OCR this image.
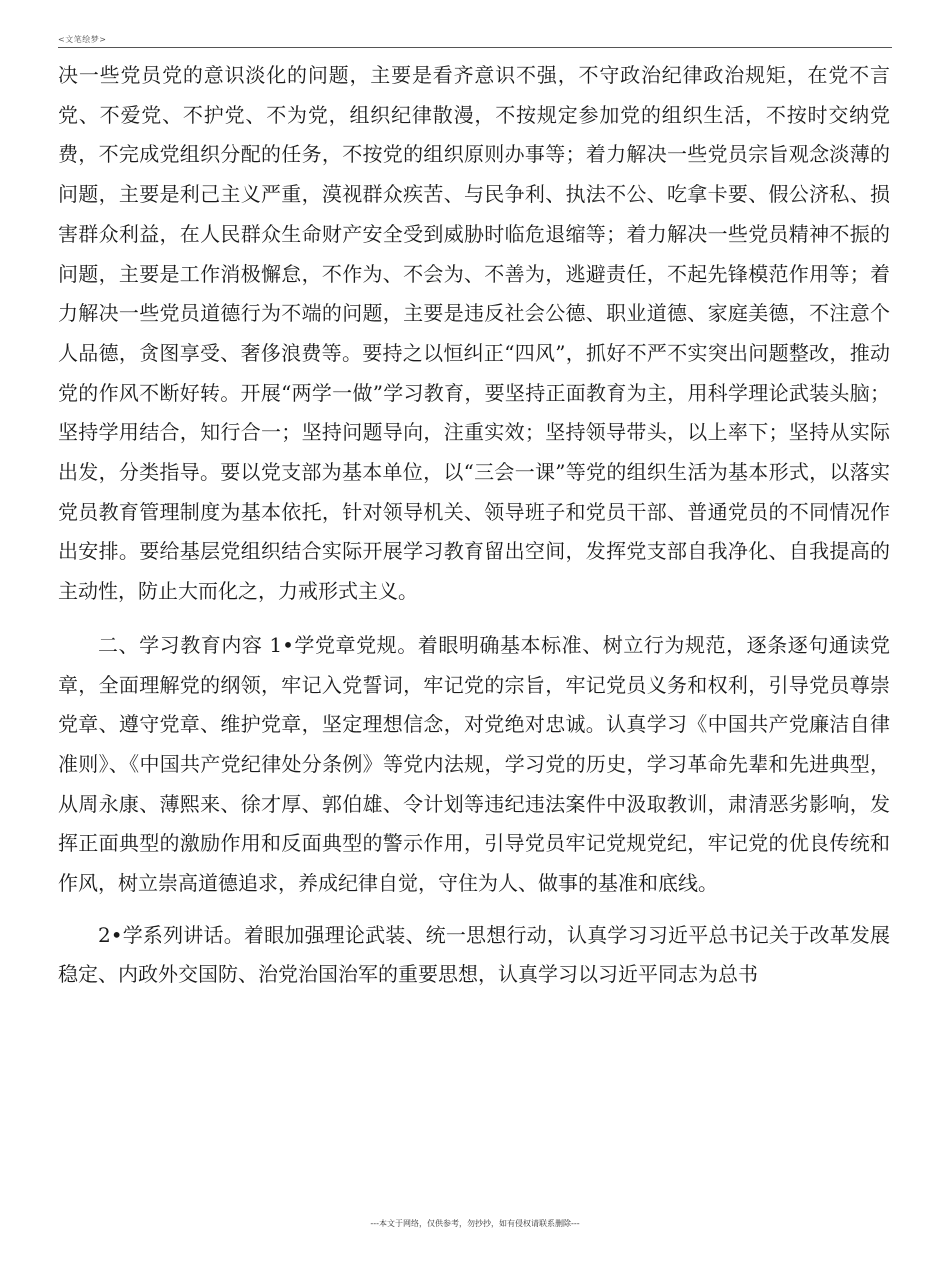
<文笔绘梦>

决一些党员党的意识淡化的问题，主要是看齐意识不强，不守政治纪律政治规矩，在党不言党、不爱党、不护党、不为党，组织纪律散漫，不按规定参加党的组织生活，不按时交纳党费，不完成党组织分配的任务，不按党的组织原则办事等；着力解决一些党员宗旨观念淡薄的问题，主要是利己主义严重，漠视群众疾苦、与民争利、执法不公、吃拿卡要、假公济私、损害群众利益，在人民群众生命财产安全受到威胁时临危退缩等；着力解决一些党员精神不振的问题，主要是工作消极懈怠，不作为、不会为、不善为，逃避责任，不起先锋模范作用等；着力解决一些党员道德行为不端的问题，主要是违反社会公德、职业道德、家庭美德，不注意个人品德，贪图享受、奢侈浪费等。要持之以恒纠正“四风”，抓好不严不实突出问题整改，推动党的作风不断好转。开展“两学一做”学习教育，要坚持正面教育为主，用科学理论武装头脑；坚持学用结合，知行合一；坚持问题导向，注重实效；坚持领导带头，以上率下；坚持从实际出发，分类指导。要以党支部为基本单位，以“三会一课”等党的组织生活为基本形式，以落实党员教育管理制度为基本依托，针对领导机关、领导班子和党员干部、普通党员的不同情况作出安排。要给基层党组织结合实际开展学习教育留出空间，发挥党支部自我净化、自我提高的主动性，防止大而化之，力戒形式主义。

二、学习教育内容 1•学党章党规。着眼明确基本标准、树立行为规范，逐条逐句通读党章，全面理解党的纲领，牢记入党誓词，牢记党的宗旨，牢记党员义务和权利，引导党员尊崇党章、遵守党章、维护党章，坚定理想信念，对党绝对忠诚。认真学习《中国共产党廉洁自律准则》、《中国共产党纪律处分条例》等党内法规，学习党的历史，学习革命先辈和先进典型，从周永康、薄熙来、徐才厚、郭伯雄、令计划等违纪违法案件中汲取教训，肃清恶劣影响，发挥正面典型的激励作用和反面典型的警示作用，引导党员牢记党规党纪，牢记党的优良传统和作风，树立崇高道德追求，养成纪律自觉，守住为人、做事的基准和底线。

2•学系列讲话。着眼加强理论武装、统一思想行动，认真学习习近平总书记关于改革发展稳定、内政外交国防、治党治国治军的重要思想，认真学习以习近平同志为总书

---本文于网络，仅供参考，勿抄抄，如有侵权请联系删除---
